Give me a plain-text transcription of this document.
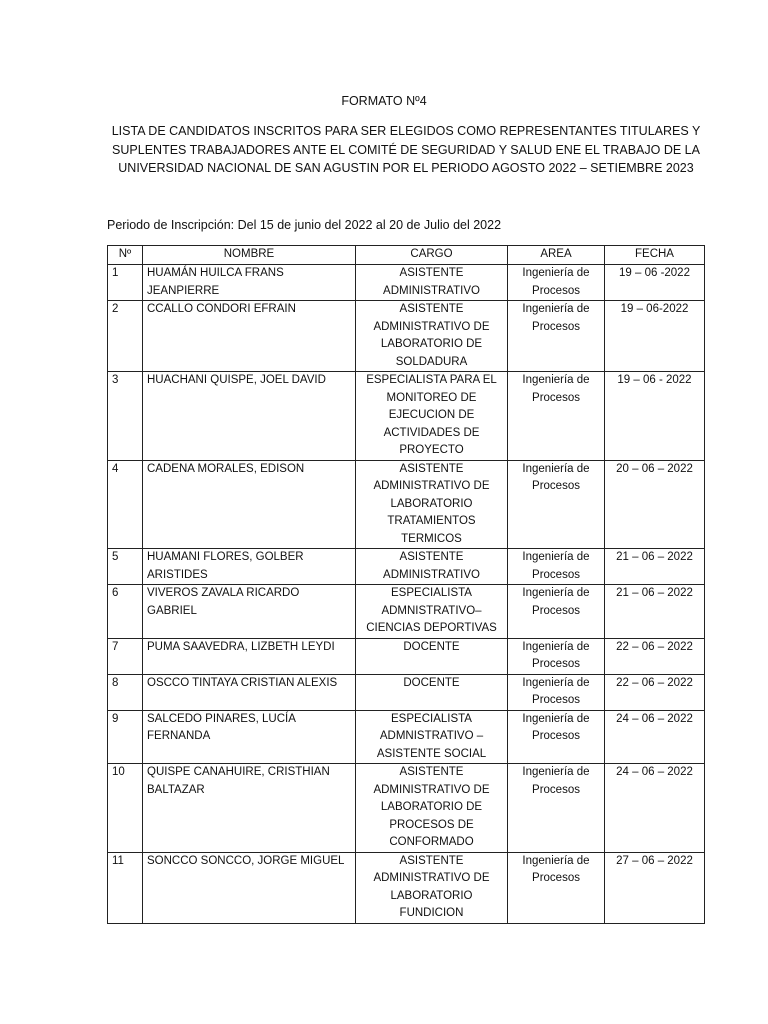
FORMATO Nº4
LISTA DE CANDIDATOS INSCRITOS PARA SER ELEGIDOS COMO REPRESENTANTES TITULARES Y SUPLENTES TRABAJADORES ANTE EL COMITÉ DE SEGURIDAD Y SALUD ENE EL TRABAJO DE LA UNIVERSIDAD NACIONAL DE SAN AGUSTIN POR EL PERIODO AGOSTO 2022 – SETIEMBRE 2023
Periodo de Inscripción: Del 15 de junio del 2022 al 20 de Julio del 2022
Nº	NOMBRE	CARGO	AREA	FECHA
1	HUAMÁN HUILCA FRANS JEANPIERRE	ASISTENTE ADMINISTRATIVO	Ingeniería de Procesos	19 – 06 -2022
2	CCALLO CONDORI EFRAIN	ASISTENTE ADMINISTRATIVO DE LABORATORIO DE SOLDADURA	Ingeniería de Procesos	19 – 06-2022
3	HUACHANI QUISPE, JOEL DAVID	ESPECIALISTA PARA EL MONITOREO DE EJECUCION DE ACTIVIDADES DE PROYECTO	Ingeniería de Procesos	19 – 06 - 2022
4	CADENA MORALES, EDISON	ASISTENTE ADMINISTRATIVO DE LABORATORIO TRATAMIENTOS TERMICOS	Ingeniería de Procesos	20 – 06 – 2022
5	HUAMANI FLORES, GOLBER ARISTIDES	ASISTENTE ADMINISTRATIVO	Ingeniería de Procesos	21 – 06 – 2022
6	VIVEROS ZAVALA RICARDO GABRIEL	ESPECIALISTA ADMNISTRATIVO– CIENCIAS DEPORTIVAS	Ingeniería de Procesos	21 – 06 – 2022
7	PUMA SAAVEDRA, LIZBETH LEYDI	DOCENTE	Ingeniería de Procesos	22 – 06 – 2022
8	OSCCO TINTAYA CRISTIAN ALEXIS	DOCENTE	Ingeniería de Procesos	22 – 06 – 2022
9	SALCEDO PINARES, LUCÍA FERNANDA	ESPECIALISTA ADMNISTRATIVO – ASISTENTE SOCIAL	Ingeniería de Procesos	24 – 06 – 2022
10	QUISPE CANAHUIRE, CRISTHIAN BALTAZAR	ASISTENTE ADMINISTRATIVO DE LABORATORIO DE PROCESOS DE CONFORMADO	Ingeniería de Procesos	24 – 06 – 2022
11	SONCCO SONCCO, JORGE MIGUEL	ASISTENTE ADMINISTRATIVO DE LABORATORIO FUNDICION	Ingeniería de Procesos	27 – 06 – 2022
